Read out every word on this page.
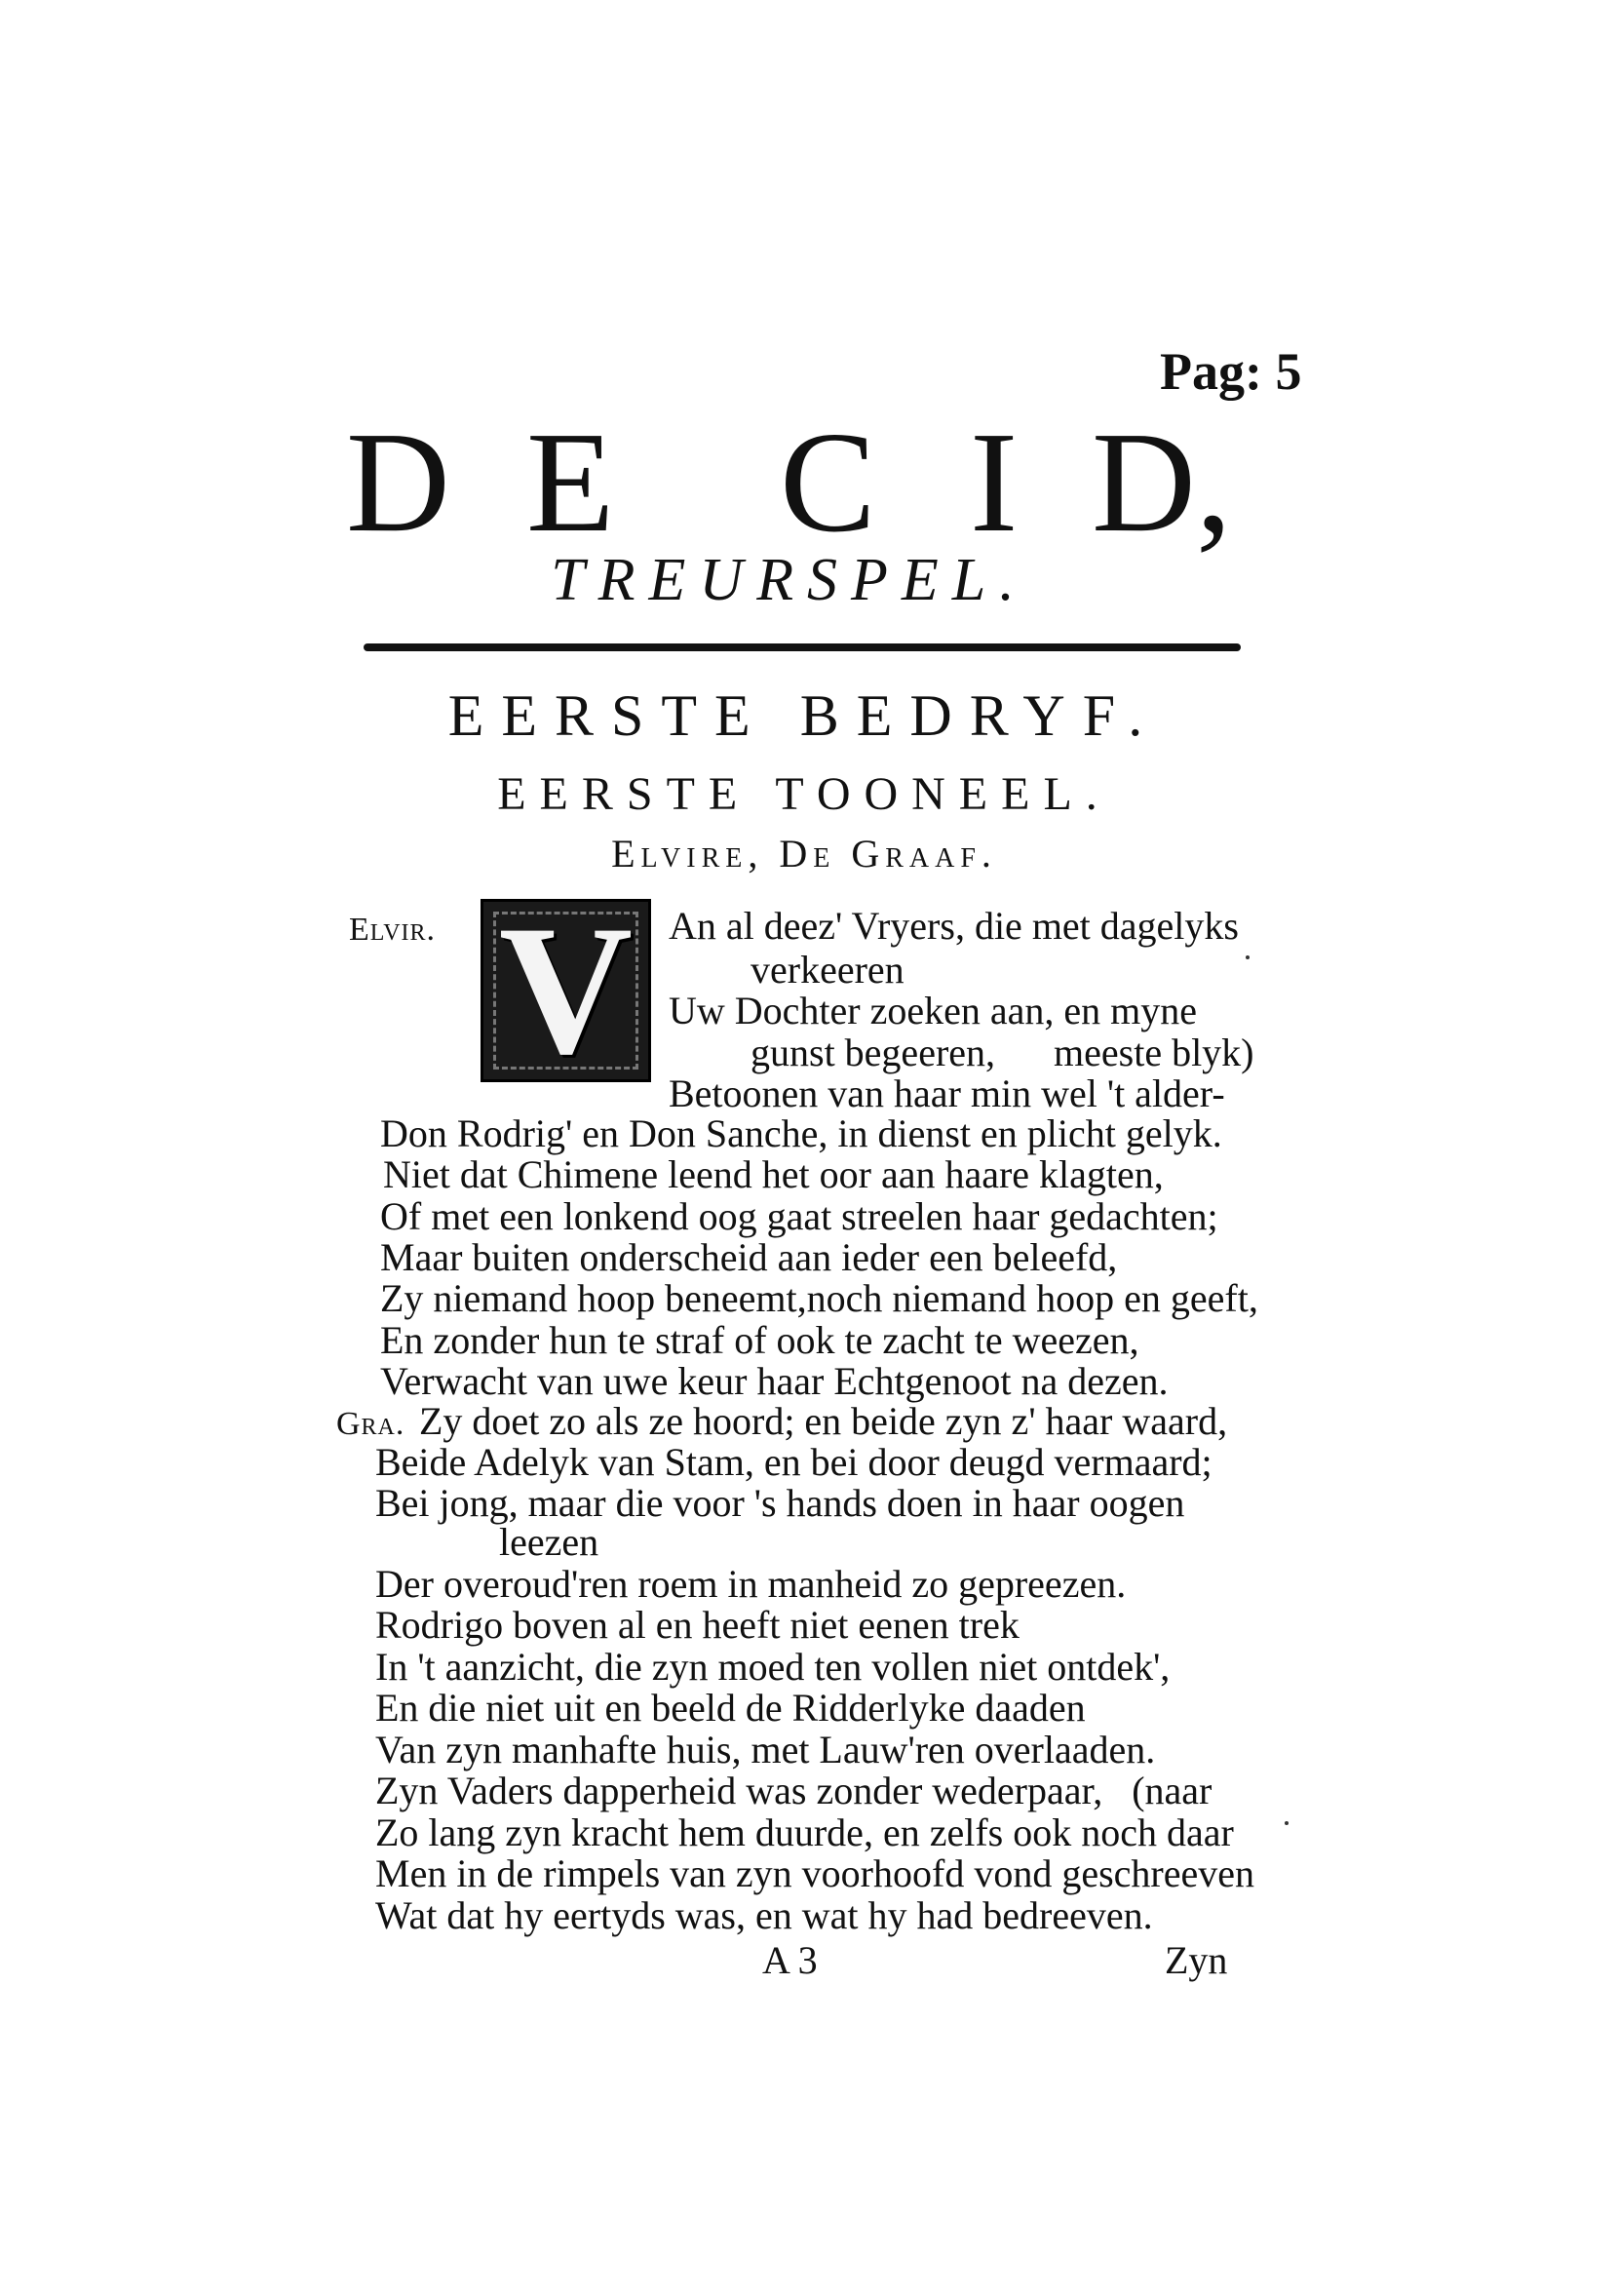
Pag: 5
D E C I D,
TREURSPEL.
EERSTE BEDRYF.
EERSTE TOONEEL.
Elvire, De Graaf.
Elvir. V An al deez' Vryers, die met dagelyks
verkeeren
Uw Dochter zoeken aan, en myne
gunst begeeren,      meeste blyk)
Betoonen van haar min wel 't alder-
Don Rodrig' en Don Sanche, in dienst en plicht gelyk.
Niet dat Chimene leend het oor aan haare klagten,
Of met een lonkend oog gaat streelen haar gedachten;
Maar buiten onderscheid aan ieder een beleefd,
Zy niemand hoop beneemt,noch niemand hoop en geeft,
En zonder hun te straf of ook te zacht te weezen,
Verwacht van uwe keur haar Echtgenoot na dezen.
Gra. Zy doet zo als ze hoord; en beide zyn z' haar waard,
Beide Adelyk van Stam, en bei door deugd vermaard;
Bei jong, maar die voor 's hands doen in haar oogen
leezen
Der overoud'ren roem in manheid zo gepreezen.
Rodrigo boven al en heeft niet eenen trek
In 't aanzicht, die zyn moed ten vollen niet ontdek',
En die niet uit en beeld de Ridderlyke daaden
Van zyn manhafte huis, met Lauw'ren overlaaden.
Zyn Vaders dapperheid was zonder wederpaar,   (naar
Zo lang zyn kracht hem duurde, en zelfs ook noch daar
Men in de rimpels van zyn voorhoofd vond geschreeven
Wat dat hy eertyds was, en wat hy had bedreeven.
A 3	Zyn
